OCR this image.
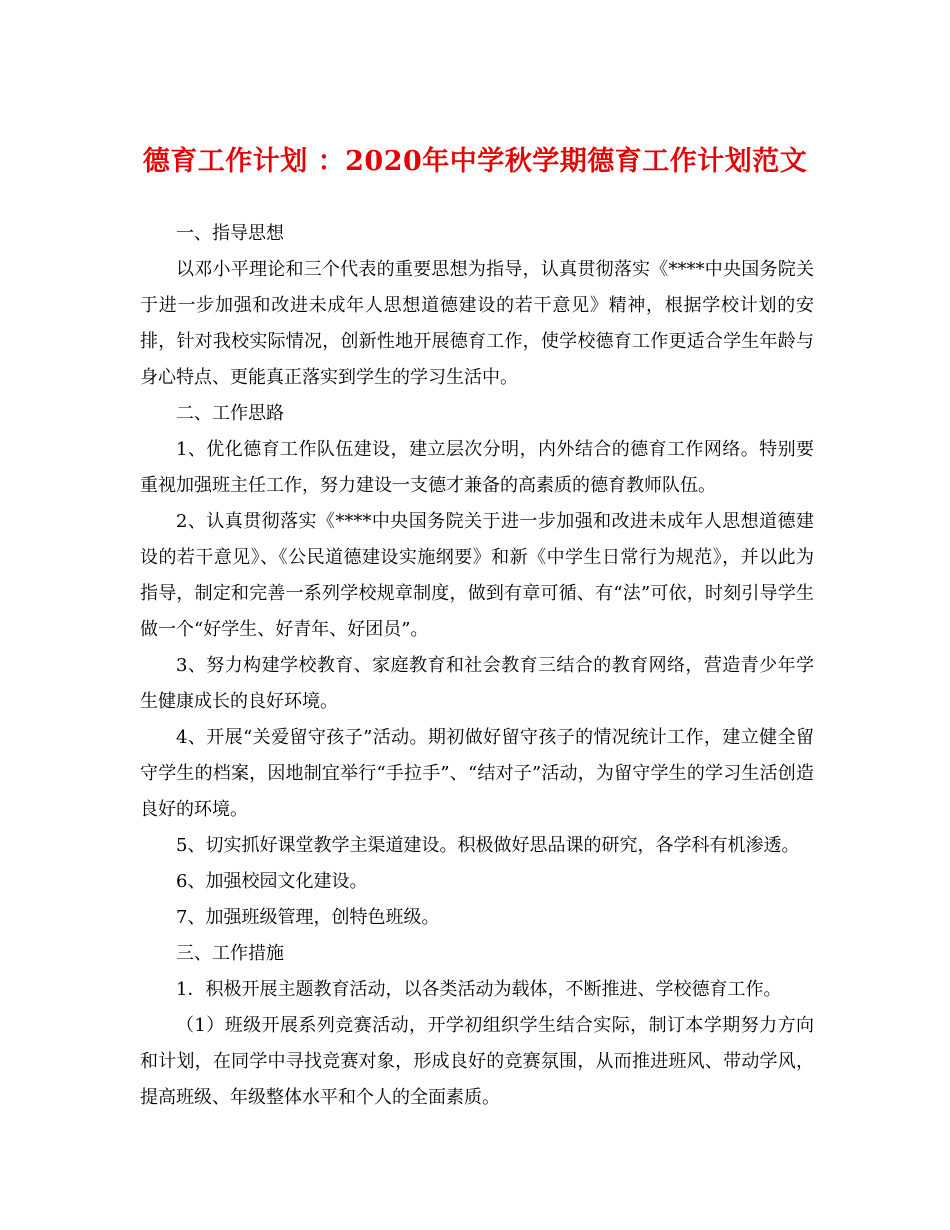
德育工作计划 ：2020年中学秋学期德育工作计划范文

一、指导思想

以邓小平理论和三个代表的重要思想为指导，认真贯彻落实《****中央国务院关于进一步加强和改进未成年人思想道德建设的若干意见》精神，根据学校计划的安排，针对我校实际情况，创新性地开展德育工作，使学校德育工作更适合学生年龄与身心特点、更能真正落实到学生的学习生活中。

二、工作思路

1、优化德育工作队伍建设，建立层次分明，内外结合的德育工作网络。特别要重视加强班主任工作，努力建设一支德才兼备的高素质的德育教师队伍。

2、认真贯彻落实《****中央国务院关于进一步加强和改进未成年人思想道德建设的若干意见》、《公民道德建设实施纲要》和新《中学生日常行为规范》，并以此为指导，制定和完善一系列学校规章制度，做到有章可循、有“法”可依，时刻引导学生做一个“好学生、好青年、好团员”。

3、努力构建学校教育、家庭教育和社会教育三结合的教育网络，营造青少年学生健康成长的良好环境。

4、开展“关爱留守孩子”活动。期初做好留守孩子的情况统计工作，建立健全留守学生的档案，因地制宜举行“手拉手”、“结对子”活动，为留守学生的学习生活创造良好的环境。

5、切实抓好课堂教学主渠道建设。积极做好思品课的研究，各学科有机渗透。

6、加强校园文化建设。

7、加强班级管理，创特色班级。

三、工作措施

1．积极开展主题教育活动，以各类活动为载体，不断推进、学校德育工作。

（1）班级开展系列竞赛活动，开学初组织学生结合实际，制订本学期努力方向和计划，在同学中寻找竞赛对象，形成良好的竞赛氛围，从而推进班风、带动学风，提高班级、年级整体水平和个人的全面素质。
